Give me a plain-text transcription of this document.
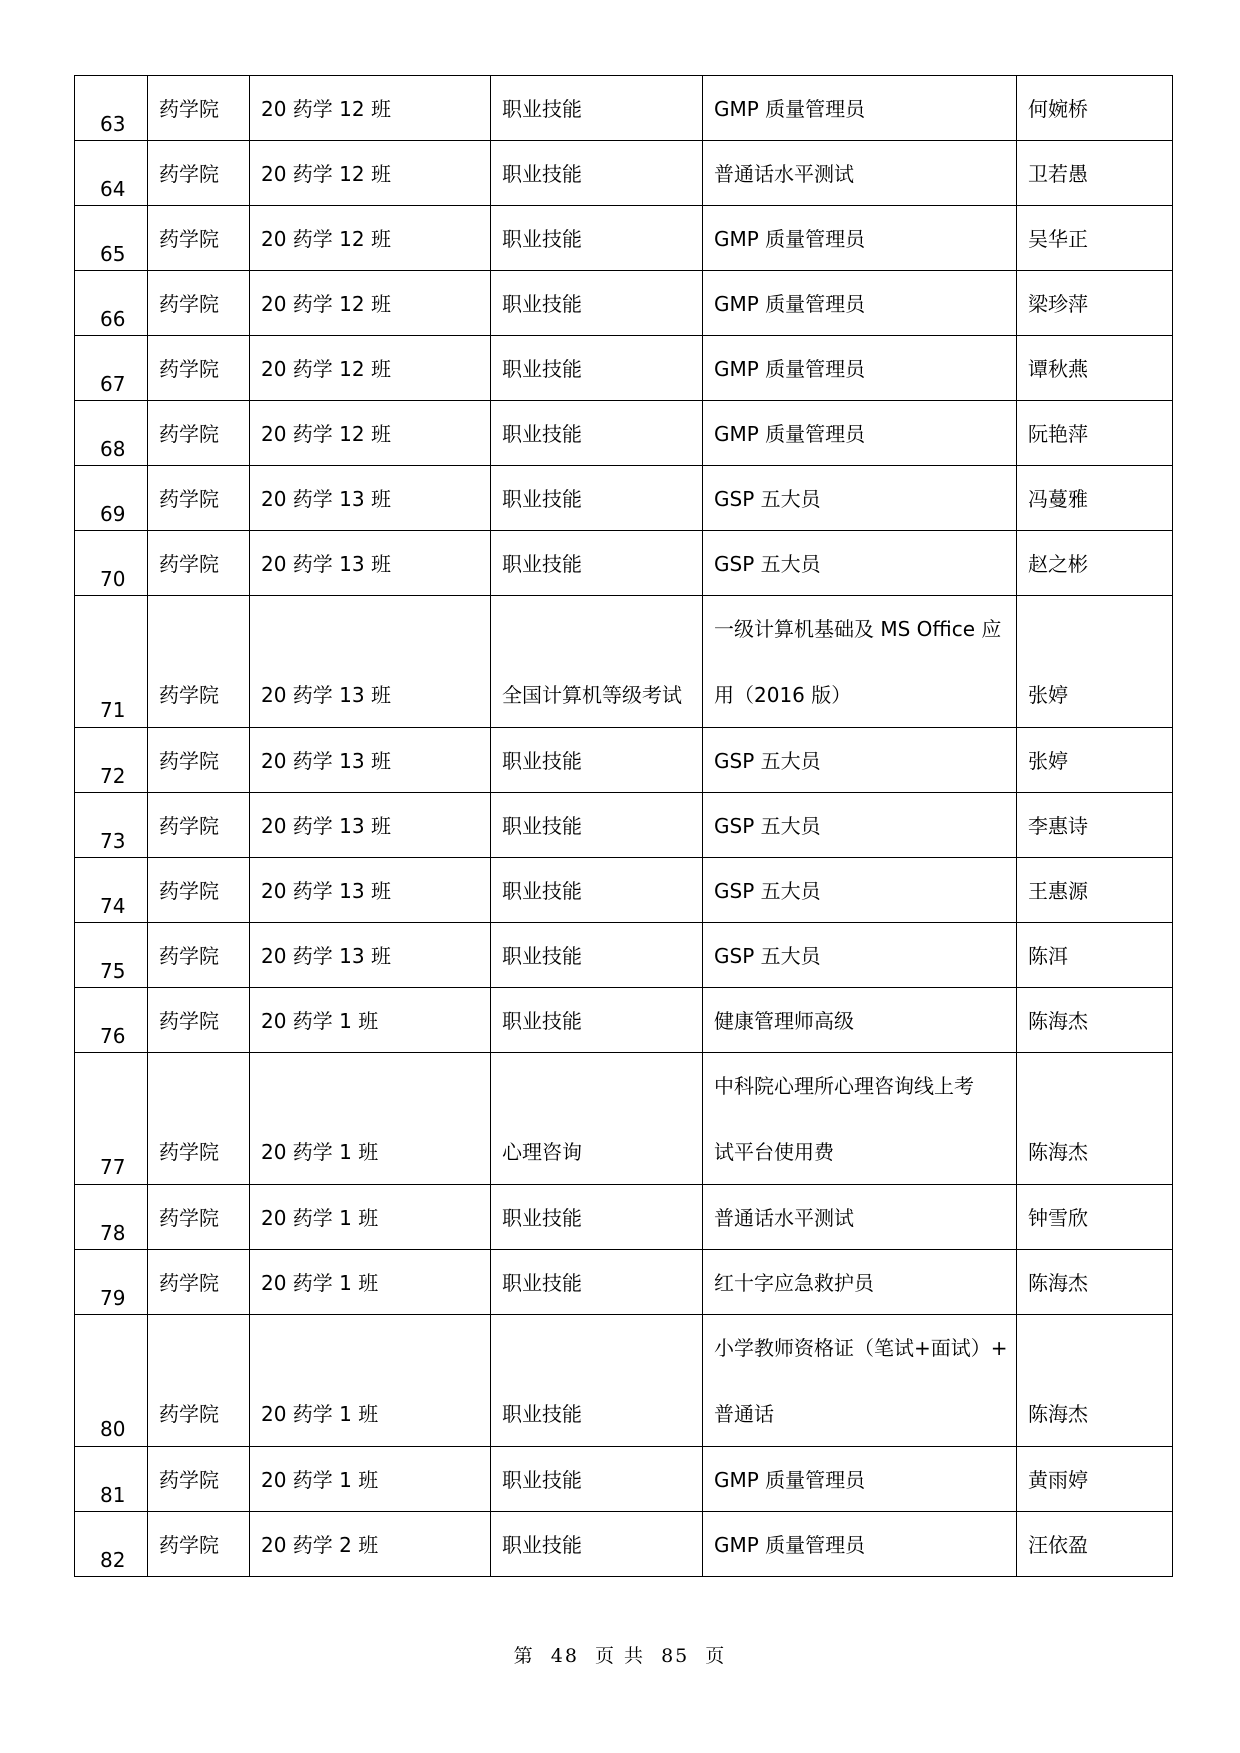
63	药学院	20 药学 12 班	职业技能	GMP 质量管理员	何婉桥

64	药学院	20 药学 12 班	职业技能	普通话水平测试	卫若愚

65	药学院	20 药学 12 班	职业技能	GMP 质量管理员	吴华正

66	药学院	20 药学 12 班	职业技能	GMP 质量管理员	梁珍萍

67	药学院	20 药学 12 班	职业技能	GMP 质量管理员	谭秋燕

68	药学院	20 药学 12 班	职业技能	GMP 质量管理员	阮艳萍

69	药学院	20 药学 13 班	职业技能	GSP 五大员	冯蔓雅

70	药学院	20 药学 13 班	职业技能	GSP 五大员	赵之彬

71	药学院	20 药学 13 班	全国计算机等级考试	一级计算机基础及 MS Office 应
用（2016 版）	张婷

72	药学院	20 药学 13 班	职业技能	GSP 五大员	张婷

73	药学院	20 药学 13 班	职业技能	GSP 五大员	李惠诗

74	药学院	20 药学 13 班	职业技能	GSP 五大员	王惠源

75	药学院	20 药学 13 班	职业技能	GSP 五大员	陈洱

76	药学院	20 药学 1 班	职业技能	健康管理师高级	陈海杰

77	药学院	20 药学 1 班	心理咨询	中科院心理所心理咨询线上考
试平台使用费	陈海杰

78	药学院	20 药学 1 班	职业技能	普通话水平测试	钟雪欣

79	药学院	20 药学 1 班	职业技能	红十字应急救护员	陈海杰

80	药学院	20 药学 1 班	职业技能	小学教师资格证（笔试+面试）+
普通话	陈海杰

81	药学院	20 药学 1 班	职业技能	GMP 质量管理员	黄雨婷

82	药学院	20 药学 2 班	职业技能	GMP 质量管理员	汪依盈
第 48 页 共 85 页
